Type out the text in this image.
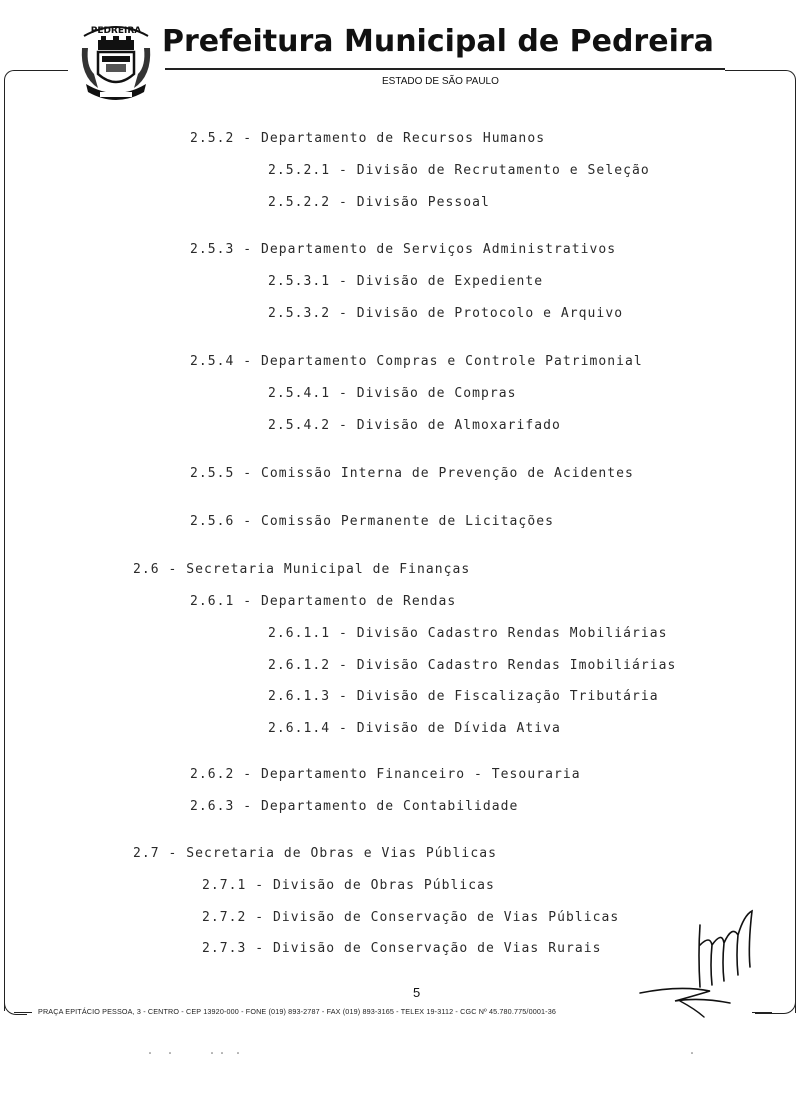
PEDREIRA Prefeitura Municipal de Pedreira
ESTADO DE SÃO PAULO
2.5.2 - Departamento de Recursos Humanos
2.5.2.1 - Divisão de Recrutamento e Seleção
2.5.2.2 - Divisão Pessoal
2.5.3 - Departamento de Serviços Administrativos
2.5.3.1 - Divisão de Expediente
2.5.3.2 - Divisão de Protocolo e Arquivo
2.5.4 - Departamento Compras e Controle Patrimonial
2.5.4.1 - Divisão de Compras
2.5.4.2 - Divisão de Almoxarifado
2.5.5 - Comissão Interna de Prevenção de Acidentes
2.5.6 - Comissão Permanente de Licitações
2.6 - Secretaria Municipal de Finanças
2.6.1 - Departamento de Rendas
2.6.1.1 - Divisão Cadastro Rendas Mobiliárias
2.6.1.2 - Divisão Cadastro Rendas Imobiliárias
2.6.1.3 - Divisão de Fiscalização Tributária
2.6.1.4 - Divisão de Dívida Ativa
2.6.2 - Departamento Financeiro - Tesouraria
2.6.3 - Departamento de Contabilidade
2.7 - Secretaria de Obras e Vias Públicas
2.7.1 - Divisão de Obras Públicas
2.7.2 - Divisão de Conservação de Vias Públicas
2.7.3 - Divisão de Conservação de Vias Rurais
5
PRAÇA EPITÁCIO PESSOA, 3 - CENTRO - CEP 13920-000 - FONE (019) 893-2787 - FAX (019) 893-3165 - TELEX 19-3112 - CGC Nº 45.780.775/0001-36
